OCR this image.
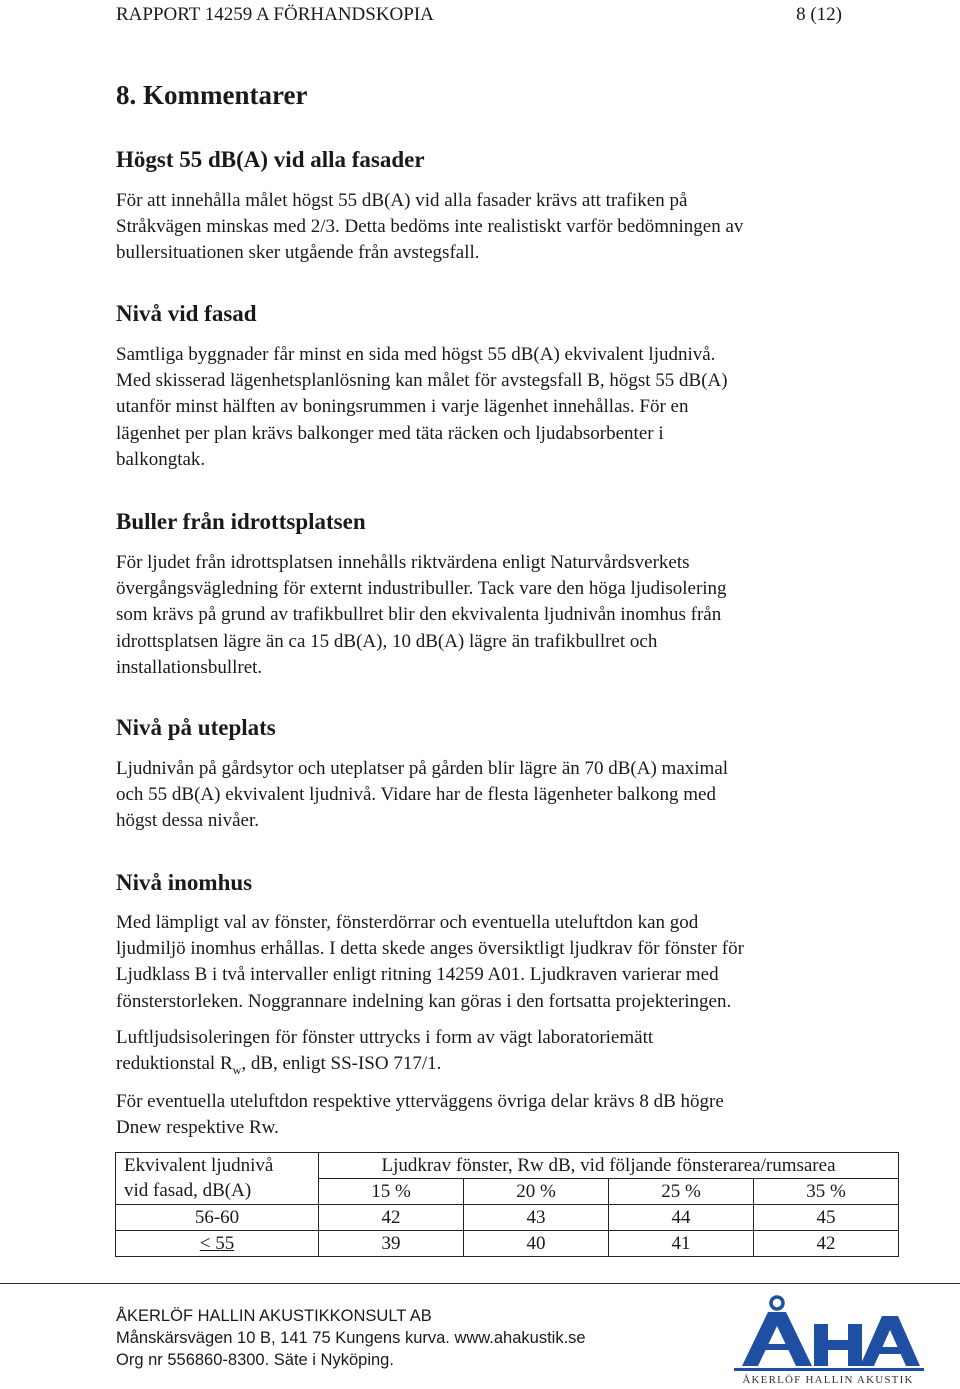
RAPPORT 14259 A FÖRHANDSKOPIA	8 (12)
8. Kommentarer
Högst 55 dB(A) vid alla fasader
För att innehålla målet högst 55 dB(A) vid alla fasader krävs att trafiken på
Stråkvägen minskas med 2/3. Detta bedöms inte realistiskt varför bedömningen av
bullersituationen sker utgående från avstegsfall.
Nivå vid fasad
Samtliga byggnader får minst en sida med högst 55 dB(A) ekvivalent ljudnivå.
Med skisserad lägenhetsplanlösning kan målet för avstegsfall B, högst 55 dB(A)
utanför minst hälften av boningsrummen i varje lägenhet innehållas. För en
lägenhet per plan krävs balkonger med täta räcken och ljudabsorbenter i
balkongtak.
Buller från idrottsplatsen
För ljudet från idrottsplatsen innehålls riktvärdena enligt Naturvårdsverkets
övergångsvägledning för externt industribuller. Tack vare den höga ljudisolering
som krävs på grund av trafikbullret blir den ekvivalenta ljudnivån inomhus från
idrottsplatsen lägre än ca 15 dB(A), 10 dB(A) lägre än trafikbullret och
installationsbullret.
Nivå på uteplats
Ljudnivån på gårdsytor och uteplatser på gården blir lägre än 70 dB(A) maximal
och 55 dB(A) ekvivalent ljudnivå. Vidare har de flesta lägenheter balkong med
högst dessa nivåer.
Nivå inomhus
Med lämpligt val av fönster, fönsterdörrar och eventuella uteluftdon kan god
ljudmiljö inomhus erhållas. I detta skede anges översiktligt ljudkrav för fönster för
Ljudklass B i två intervaller enligt ritning 14259 A01. Ljudkraven varierar med
fönsterstorleken. Noggrannare indelning kan göras i den fortsatta projekteringen.
Luftljudsisoleringen för fönster uttrycks i form av vägt laboratoriemätt
reduktionstal $R_w$, dB, enligt SS-ISO 717/1.
För eventuella uteluftdon respektive ytterväggens övriga delar krävs 8 dB högre
Dnew respektive Rw.
Ekvivalent ljudnivå	Ljudkrav fönster, Rw dB, vid följande fönsterarea/rumsarea			
vid fasad, dB(A)	15 %	20 %	25 %	35 %
56-60	42	43	44	45
< 55	39	40	41	42
ÅKERLÖF HALLIN AKUSTIKKONSULT AB
Månskärsvägen 10 B, 141 75 Kungens kurva. www.ahakustik.se
Org nr 556860-8300. Säte i Nyköping.
ÅKERLÖF HALLIN AKUSTIK
